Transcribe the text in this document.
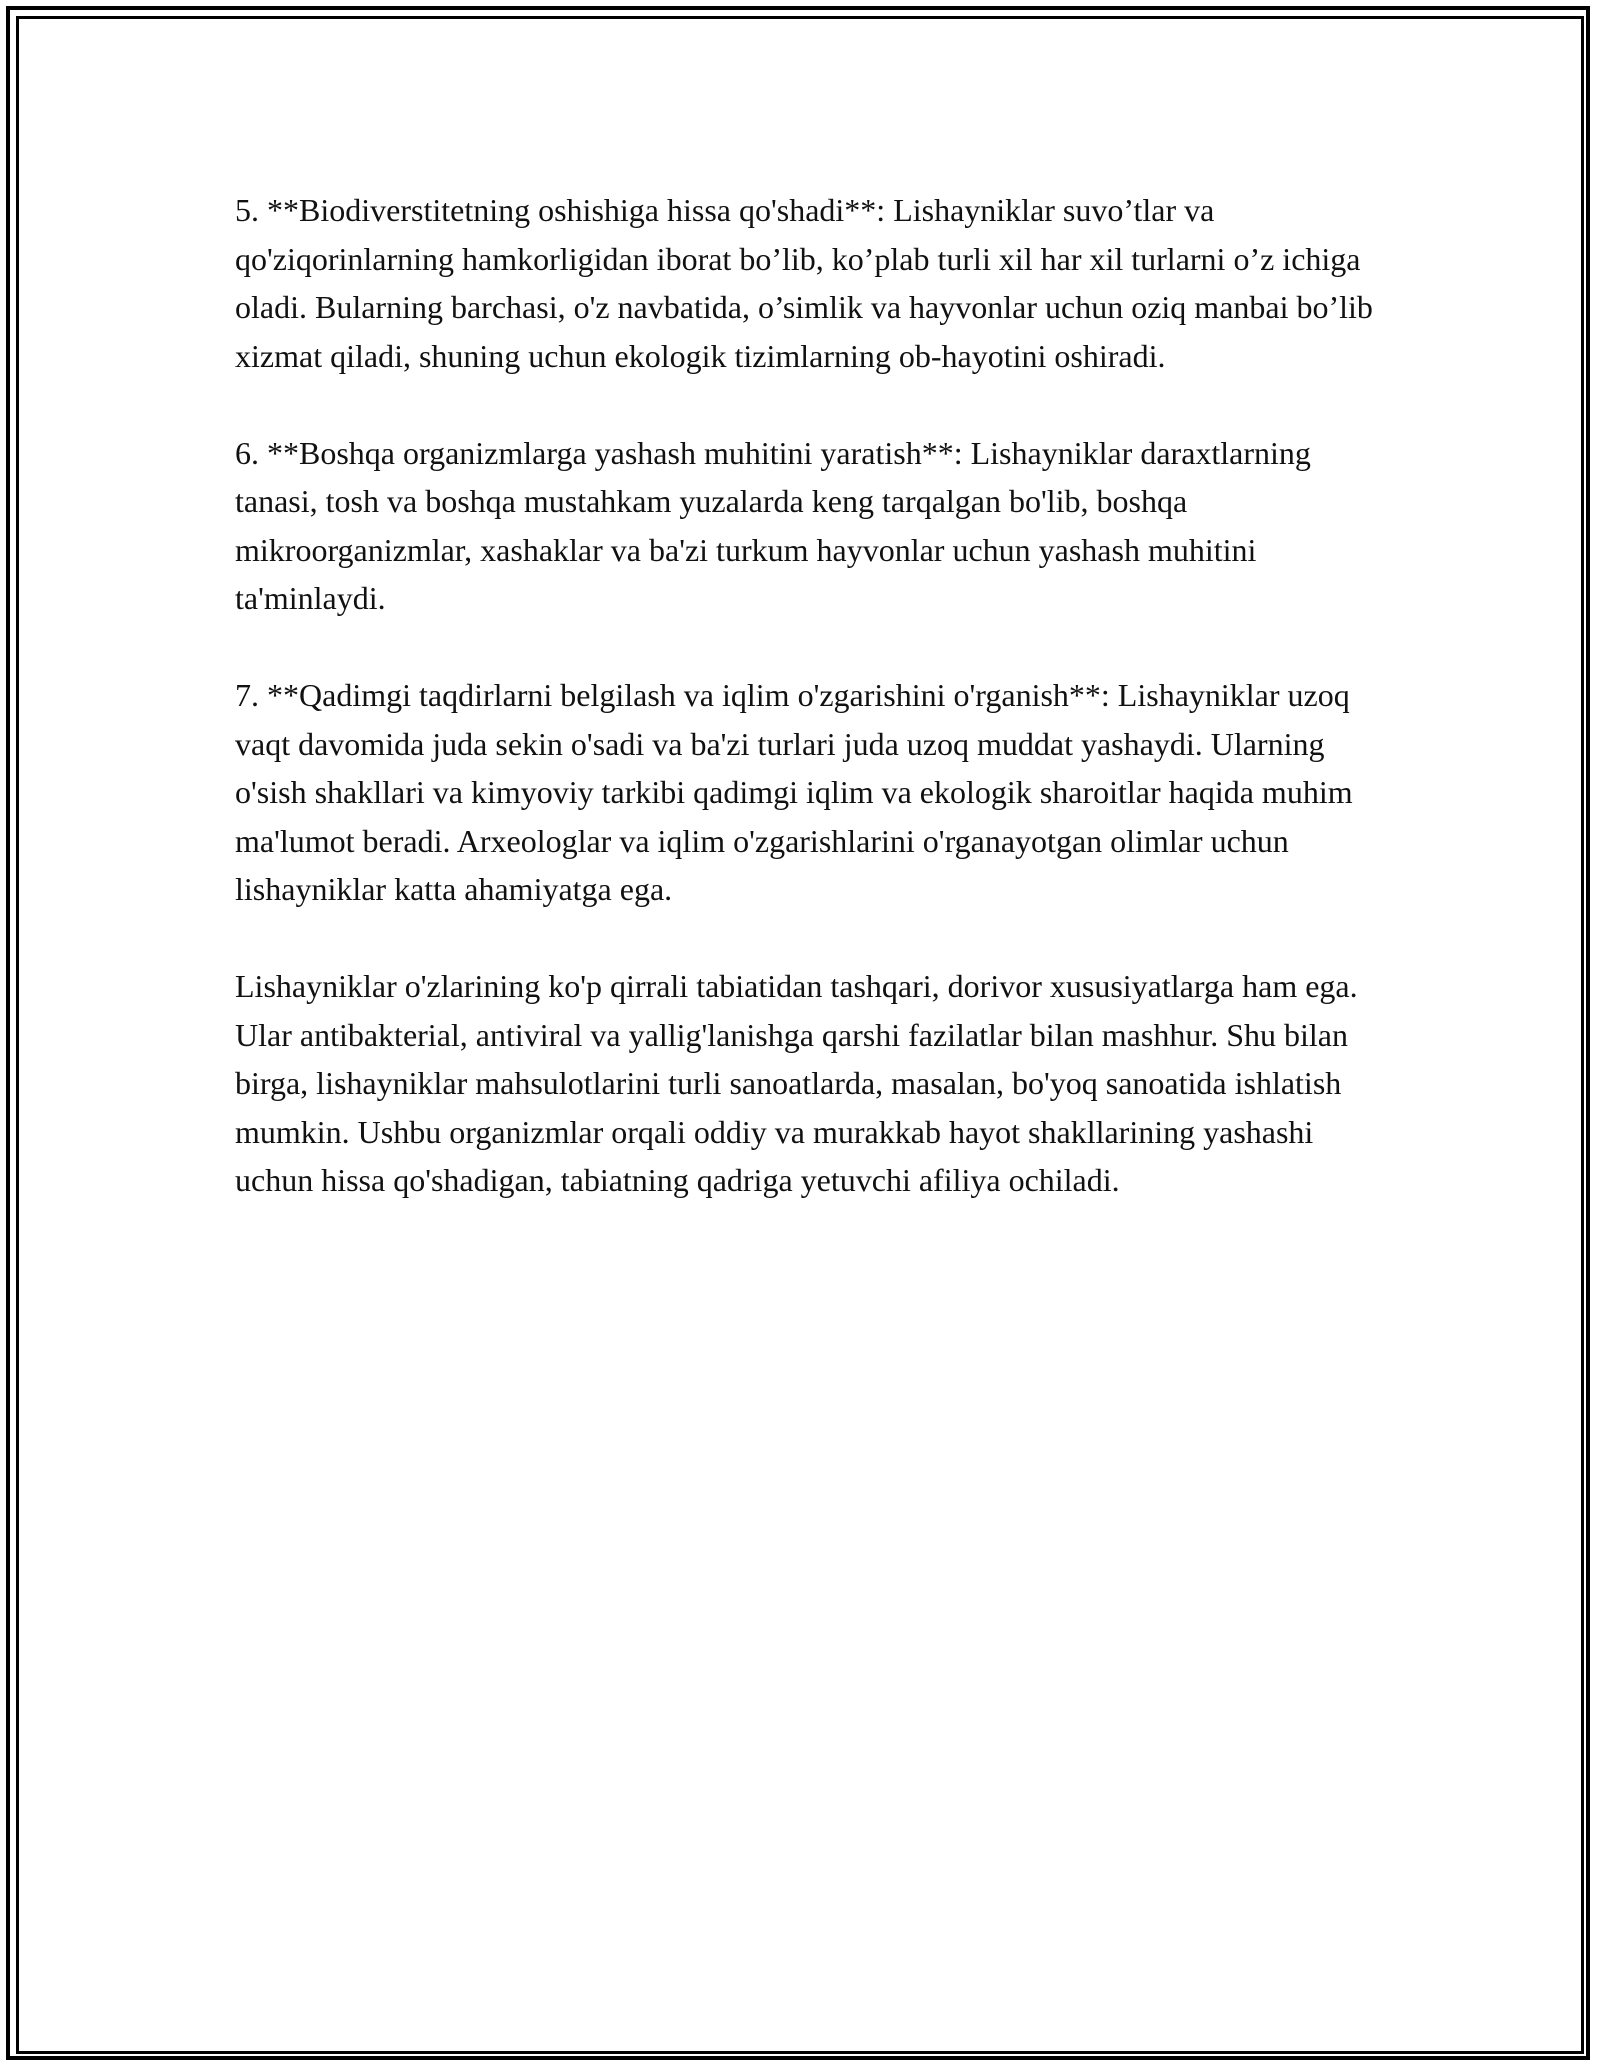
5. **Biodiverstitetning oshishiga hissa qo'shadi**: Lishayniklar suvo’tlar va qo'ziqorinlarning hamkorligidan iborat bo’lib, ko’plab turli xil har xil turlarni o’z ichiga oladi. Bularning barchasi, o'z navbatida, o’simlik va hayvonlar uchun oziq manbai bo’lib xizmat qiladi, shuning uchun ekologik tizimlarning ob-hayotini oshiradi.

6. **Boshqa organizmlarga yashash muhitini yaratish**: Lishayniklar daraxtlarning tanasi, tosh va boshqa mustahkam yuzalarda keng tarqalgan bo'lib, boshqa mikroorganizmlar, xashaklar va ba'zi turkum hayvonlar uchun yashash muhitini ta'minlaydi.

7. **Qadimgi taqdirlarni belgilash va iqlim o'zgarishini o'rganish**: Lishayniklar uzoq vaqt davomida juda sekin o'sadi va ba'zi turlari juda uzoq muddat yashaydi. Ularning o'sish shakllari va kimyoviy tarkibi qadimgi iqlim va ekologik sharoitlar haqida muhim ma'lumot beradi. Arxeologlar va iqlim o'zgarishlarini o'rganayotgan olimlar uchun lishayniklar katta ahamiyatga ega.

Lishayniklar o'zlarining ko'p qirrali tabiatidan tashqari, dorivor xususiyatlarga ham ega. Ular antibakterial, antiviral va yallig'lanishga qarshi fazilatlar bilan mashhur. Shu bilan birga, lishayniklar mahsulotlarini turli sanoatlarda, masalan, bo'yoq sanoatida ishlatish mumkin. Ushbu organizmlar orqali oddiy va murakkab hayot shakllarining yashashi uchun hissa qo'shadigan, tabiatning qadriga yetuvchi afiliya ochiladi.
